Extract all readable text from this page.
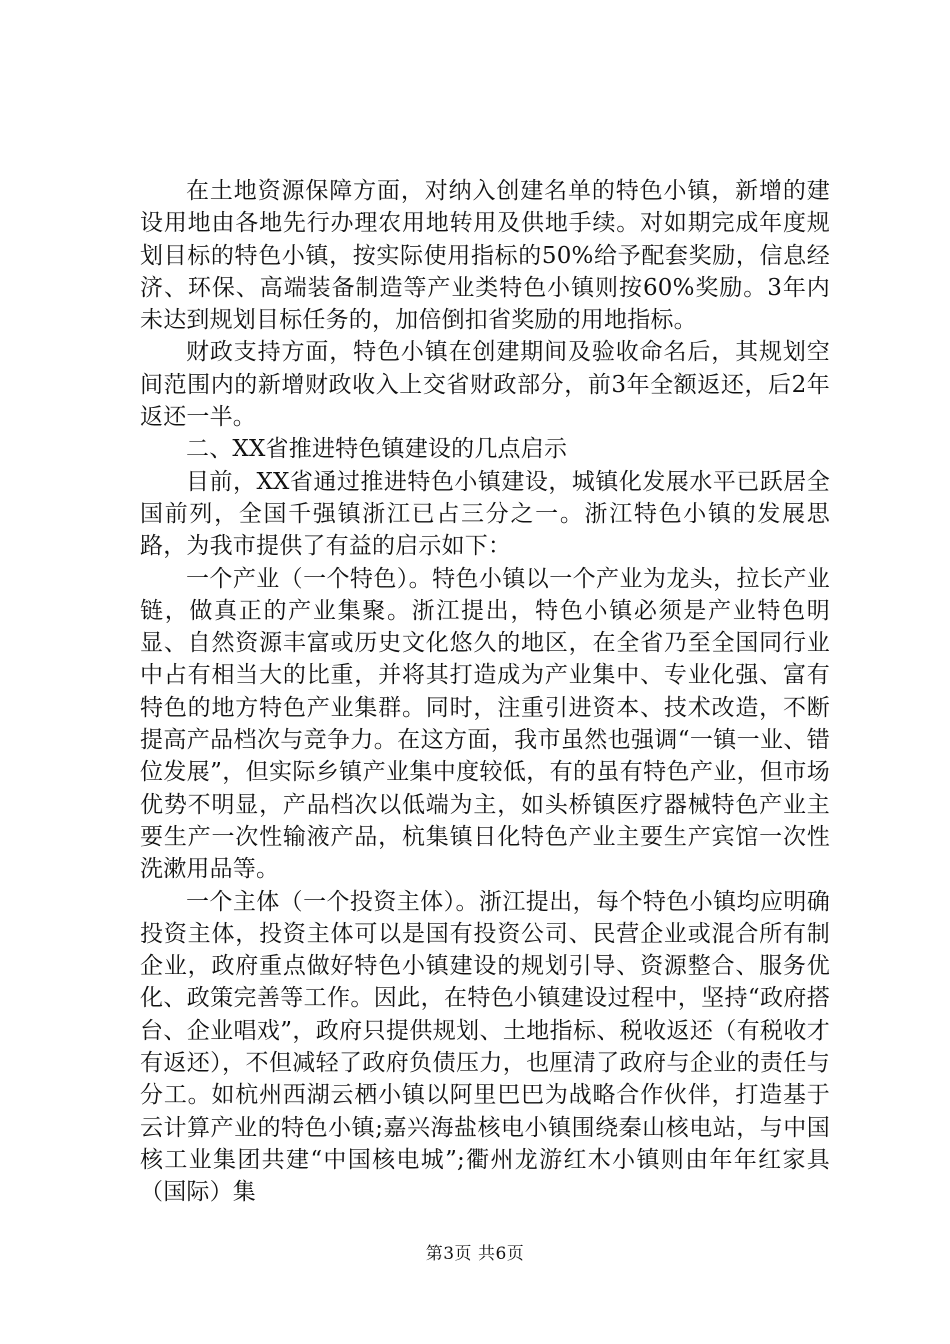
在土地资源保障方面，对纳入创建名单的特色小镇，新增的建设用地由各地先行办理农用地转用及供地手续。对如期完成年度规划目标的特色小镇，按实际使用指标的50%给予配套奖励，信息经济、环保、高端装备制造等产业类特色小镇则按60%奖励。3年内未达到规划目标任务的，加倍倒扣省奖励的用地指标。

财政支持方面，特色小镇在创建期间及验收命名后，其规划空间范围内的新增财政收入上交省财政部分，前3年全额返还，后2年返还一半。

二、XX省推进特色镇建设的几点启示

目前，XX省通过推进特色小镇建设，城镇化发展水平已跃居全国前列，全国千强镇浙江已占三分之一。浙江特色小镇的发展思路，为我市提供了有益的启示如下：

一个产业（一个特色）。特色小镇以一个产业为龙头，拉长产业链，做真正的产业集聚。浙江提出，特色小镇必须是产业特色明显、自然资源丰富或历史文化悠久的地区，在全省乃至全国同行业中占有相当大的比重，并将其打造成为产业集中、专业化强、富有特色的地方特色产业集群。同时，注重引进资本、技术改造，不断提高产品档次与竞争力。在这方面，我市虽然也强调“一镇一业、错位发展”，但实际乡镇产业集中度较低，有的虽有特色产业，但市场优势不明显，产品档次以低端为主，如头桥镇医疗器械特色产业主要生产一次性输液产品，杭集镇日化特色产业主要生产宾馆一次性洗漱用品等。

一个主体（一个投资主体）。浙江提出，每个特色小镇均应明确投资主体，投资主体可以是国有投资公司、民营企业或混合所有制企业，政府重点做好特色小镇建设的规划引导、资源整合、服务优化、政策完善等工作。因此，在特色小镇建设过程中，坚持“政府搭台、企业唱戏”，政府只提供规划、土地指标、税收返还（有税收才有返还），不但减轻了政府负债压力，也厘清了政府与企业的责任与分工。如杭州西湖云栖小镇以阿里巴巴为战略合作伙伴，打造基于云计算产业的特色小镇;嘉兴海盐核电小镇围绕秦山核电站，与中国核工业集团共建“中国核电城”;衢州龙游红木小镇则由年年红家具（国际）集

第3页 共6页
